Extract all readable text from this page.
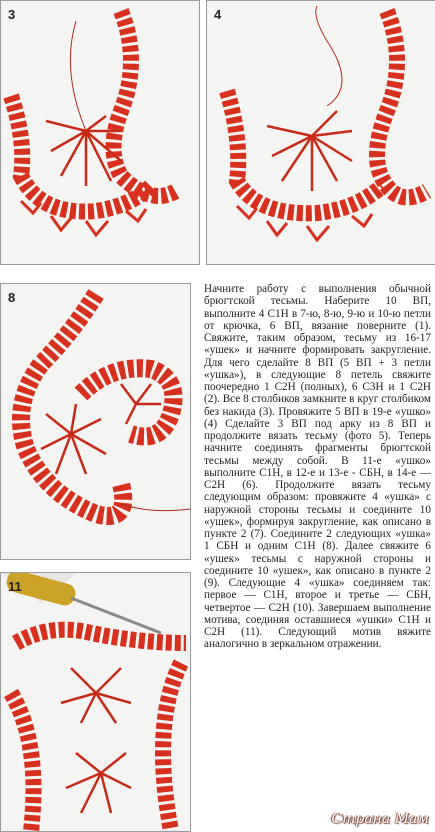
3	4
8
11
Начните работу с выполнения обычной брюгтской тесьмы. Наберите 10 ВП, выполните 4 С1Н в 7-ю, 8-ю, 9-ю и 10-ю петли от крючка, 6 ВП, вязание поверните (1). Свяжите, таким образом, тесьму из 16-17 «ушек» и начните формировать закругление. Для чего сделайте 8 ВП (5 ВП + 3 петли «ушка»), в следующие 8 петель свяжите поочередно 1 С2Н (полных), 6 С3Н и 1 С2Н (2). Все 8 столбиков замкните в круг столбиком без накида (3). Провяжите 5 ВП в 19-е «ушко» (4) Сделайте 3 ВП под арку из 8 ВП и продолжите вязать тесьму (фото 5). Теперь начните соединять фрагменты брюгтской тесьмы между собой. В 11-е «ушко» выполните С1Н, в 12-е и 13-е - СБН, в 14-е — С2Н (6). Продолжите вязать тесьму следующим образом: провяжите 4 «ушка» с наружной стороны тесьмы и соедините 10 «ушек», формируя закругление, как описано в пункте 2 (7). Соедините 2 следующих «ушка» 1 СБН и одним С1Н (8). Далее свяжите 6 «ушек» тесьмы с наружной стороны и соедините 10 «ушек», как описано в пункте 2 (9). Следующие 4 «ушка» соединяем так: первое — С1Н, второе и третье — СБН, четвертое — С2Н (10). Завершаем выполнение мотива, соединяя оставшиеся «ушки» С1Н и С2Н (11). Следующий мотив вяжите аналогично в зеркальном отражении.
Страна Мам
